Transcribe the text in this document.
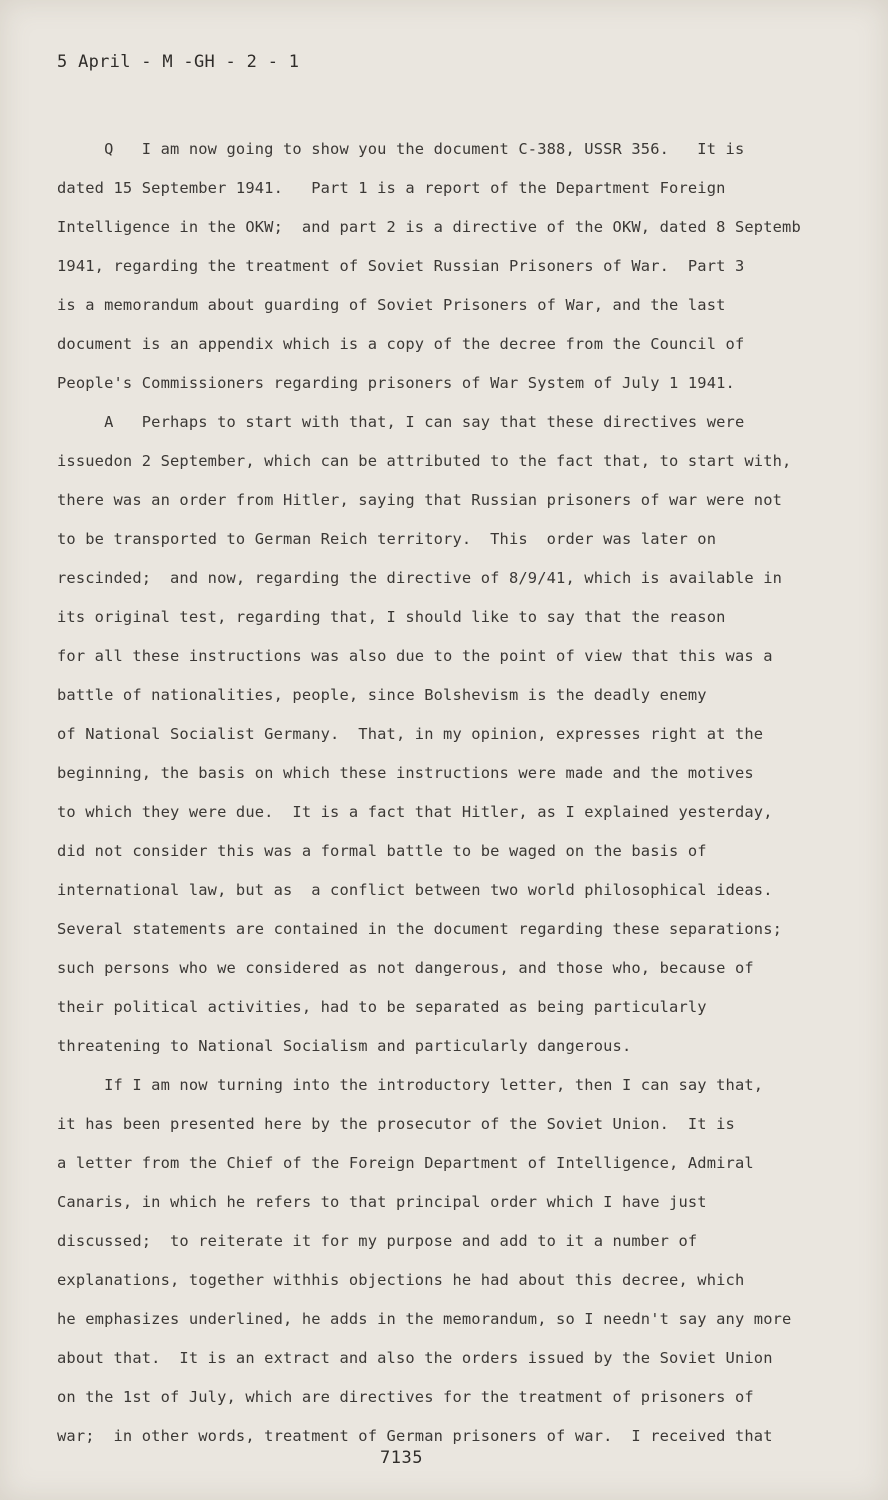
5 April - M -GH - 2 - 1
Q   I am now going to show you the document C-388, USSR 356.   It is
dated 15 September 1941.   Part 1 is a report of the Department Foreign
Intelligence in the OKW;  and part 2 is a directive of the OKW, dated 8 Septemb
1941, regarding the treatment of Soviet Russian Prisoners of War.  Part 3
is a memorandum about guarding of Soviet Prisoners of War, and the last
document is an appendix which is a copy of the decree from the Council of
People's Commissioners regarding prisoners of War System of July 1 1941.
A   Perhaps to start with that, I can say that these directives were
issuedon 2 September, which can be attributed to the fact that, to start with,
there was an order from Hitler, saying that Russian prisoners of war were not
to be transported to German Reich territory.  This  order was later on
rescinded;  and now, regarding the directive of 8/9/41, which is available in
its original test, regarding that, I should like to say that the reason
for all these instructions was also due to the point of view that this was a
battle of nationalities, people, since Bolshevism is the deadly enemy
of National Socialist Germany.  That, in my opinion, expresses right at the
beginning, the basis on which these instructions were made and the motives
to which they were due.  It is a fact that Hitler, as I explained yesterday,
did not consider this was a formal battle to be waged on the basis of
international law, but as  a conflict between two world philosophical ideas.
Several statements are contained in the document regarding these separations;
such persons who we considered as not dangerous, and those who, because of
their political activities, had to be separated as being particularly
threatening to National Socialism and particularly dangerous.
If I am now turning into the introductory letter, then I can say that,
it has been presented here by the prosecutor of the Soviet Union.  It is
a letter from the Chief of the Foreign Department of Intelligence, Admiral
Canaris, in which he refers to that principal order which I have just
discussed;  to reiterate it for my purpose and add to it a number of
explanations, together withhis objections he had about this decree, which
he emphasizes underlined, he adds in the memorandum, so I needn't say any more
about that.  It is an extract and also the orders issued by the Soviet Union
on the 1st of July, which are directives for the treatment of prisoners of
war;  in other words, treatment of German prisoners of war.  I received that
7135
